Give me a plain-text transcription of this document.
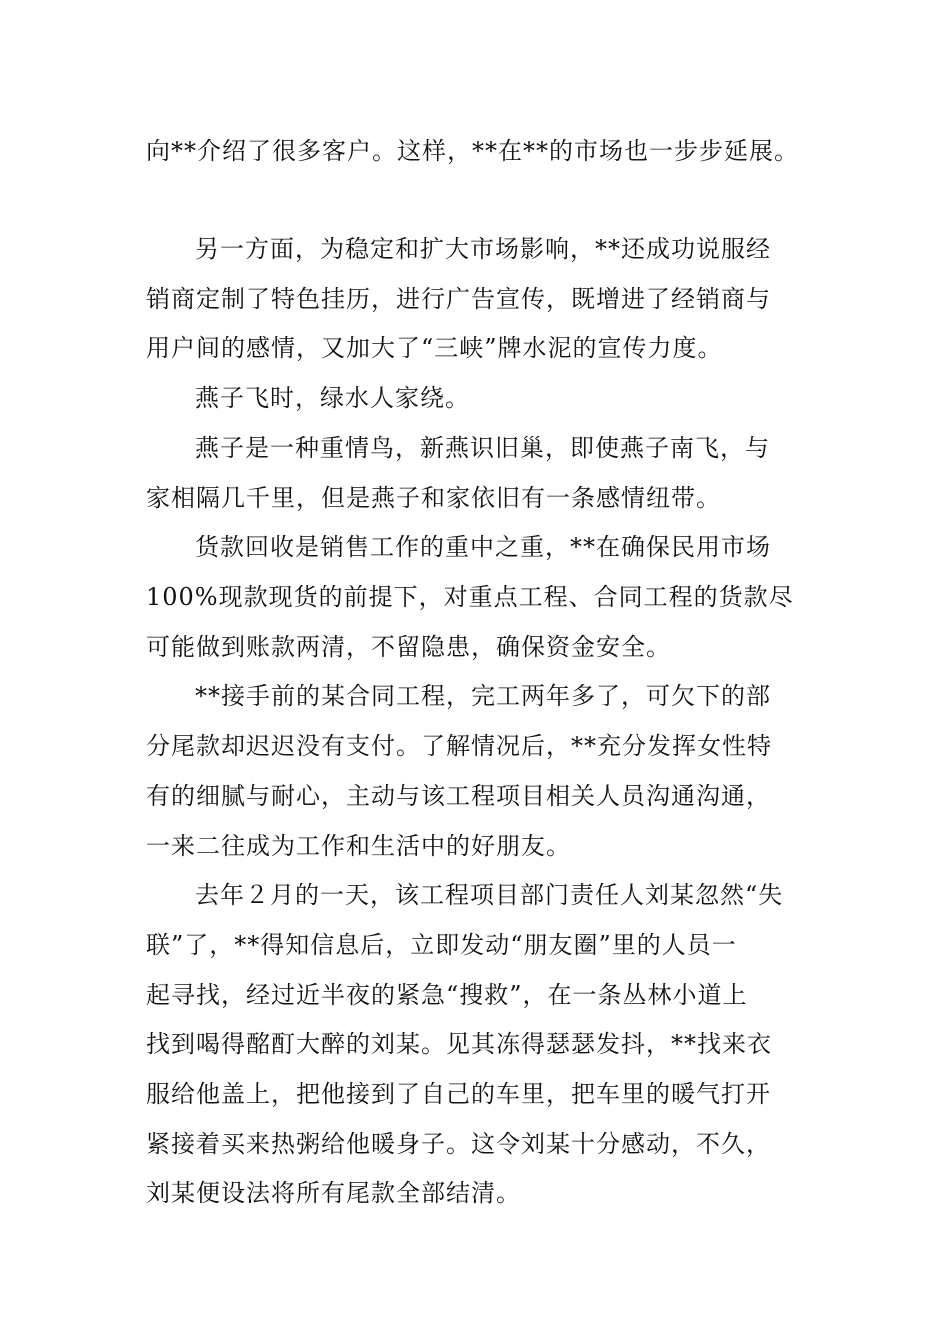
向**介绍了很多客户。这样，**在**的市场也一步步延展。
另一方面，为稳定和扩大市场影响，**还成功说服经
销商定制了特色挂历，进行广告宣传，既增进了经销商与
用户间的感情，又加大了“三峡”牌水泥的宣传力度。
燕子飞时，绿水人家绕。
燕子是一种重情鸟，新燕识旧巢，即使燕子南飞，与
家相隔几千里，但是燕子和家依旧有一条感情纽带。
货款回收是销售工作的重中之重，**在确保民用市场
100%现款现货的前提下，对重点工程、合同工程的货款尽
可能做到账款两清，不留隐患，确保资金安全。
**接手前的某合同工程，完工两年多了，可欠下的部
分尾款却迟迟没有支付。了解情况后，**充分发挥女性特
有的细腻与耐心，主动与该工程项目相关人员沟通沟通，
一来二往成为工作和生活中的好朋友。
去年２月的一天，该工程项目部门责任人刘某忽然“失
联”了，**得知信息后，立即发动“朋友圈”里的人员一
起寻找，经过近半夜的紧急“搜救”，在一条丛林小道上
找到喝得酩酊大醉的刘某。见其冻得瑟瑟发抖，**找来衣
服给他盖上，把他接到了自己的车里，把车里的暖气打开
紧接着买来热粥给他暖身子。这令刘某十分感动，不久，
刘某便设法将所有尾款全部结清。
